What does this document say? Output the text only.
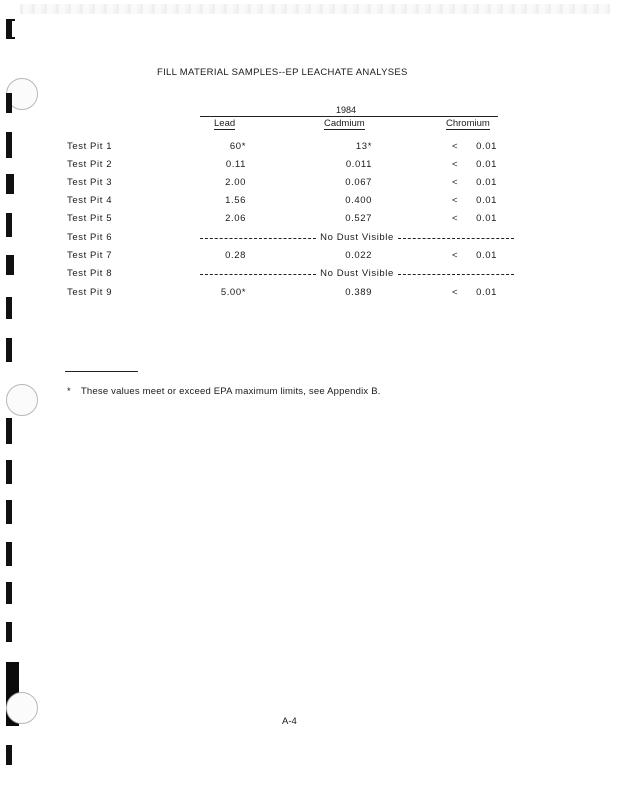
FILL MATERIAL SAMPLES--EP LEACHATE ANALYSES
1984
Lead	Cadmium	Chromium
Test Pit 1	60*	13*	<	0.01
Test Pit 2	0.11	0.011	<	0.01
Test Pit 3	2.00	0.067	<	0.01
Test Pit 4	1.56	0.400	<	0.01
Test Pit 5	2.06	0.527	<	0.01
Test Pit 6	No Dust Visible
Test Pit 7	0.28	0.022	<	0.01
Test Pit 8	No Dust Visible
Test Pit 9	5.00*	0.389	<	0.01
* These values meet or exceed EPA maximum limits, see Appendix B.
A-4
